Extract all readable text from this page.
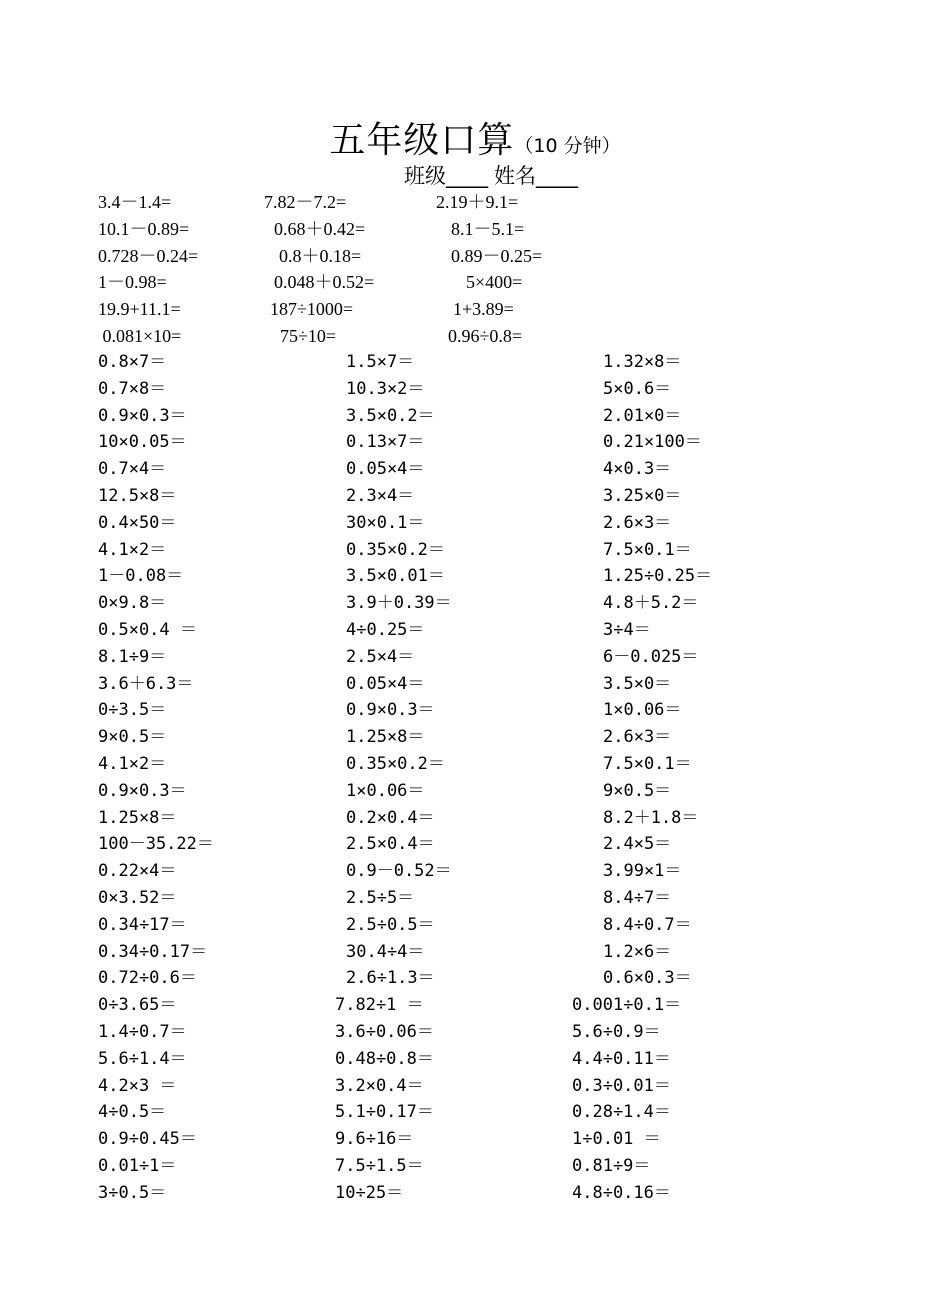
五年级口算（10 分钟）
班级____ 姓名____
3.4－1.4=	7.82－7.2=	2.19＋9.1=
10.1－0.89=	0.68＋0.42=	8.1－5.1=
0.728－0.24=	0.8＋0.18=	0.89－0.25=
1－0.98=	0.048＋0.52=	5×400=
19.9+11.1=	187÷1000=	1+3.89=
0.081×10=	75÷10=	0.96÷0.8=
0.8×7＝	1.5×7＝	1.32×8＝
0.7×8＝	10.3×2＝	5×0.6＝
0.9×0.3＝	3.5×0.2＝	2.01×0＝
10×0.05＝	0.13×7＝	0.21×100＝
0.7×4＝	0.05×4＝	4×0.3＝
12.5×8＝	2.3×4＝	3.25×0＝
0.4×50＝	30×0.1＝	2.6×3＝
4.1×2＝	0.35×0.2＝	7.5×0.1＝
1－0.08＝	3.5×0.01＝	1.25÷0.25＝
0×9.8＝	3.9＋0.39＝	4.8＋5.2＝
0.5×0.4 ＝	4÷0.25＝	3÷4＝
8.1÷9＝	2.5×4＝	6－0.025＝
3.6＋6.3＝	0.05×4＝	3.5×0＝
0÷3.5＝	0.9×0.3＝	1×0.06＝
9×0.5＝	1.25×8＝	2.6×3＝
4.1×2＝	0.35×0.2＝	7.5×0.1＝
0.9×0.3＝	1×0.06＝	9×0.5＝
1.25×8＝	0.2×0.4＝	8.2＋1.8＝
100－35.22＝	2.5×0.4＝	2.4×5＝
0.22×4＝	0.9－0.52＝	3.99×1＝
0×3.52＝	2.5÷5＝	8.4÷7＝
0.34÷17＝	2.5÷0.5＝	8.4÷0.7＝
0.34÷0.17＝	30.4÷4＝	1.2×6＝
0.72÷0.6＝	2.6÷1.3＝	0.6×0.3＝
0÷3.65＝	7.82÷1 ＝	0.001÷0.1＝
1.4÷0.7＝	3.6÷0.06＝	5.6÷0.9＝
5.6÷1.4＝	0.48÷0.8＝	4.4÷0.11＝
4.2×3 ＝	3.2×0.4＝	0.3÷0.01＝
4÷0.5＝	5.1÷0.17＝	0.28÷1.4＝
0.9÷0.45＝	9.6÷16＝	1÷0.01 ＝
0.01÷1＝	7.5÷1.5＝	0.81÷9＝
3÷0.5＝	10÷25＝	4.8÷0.16＝
